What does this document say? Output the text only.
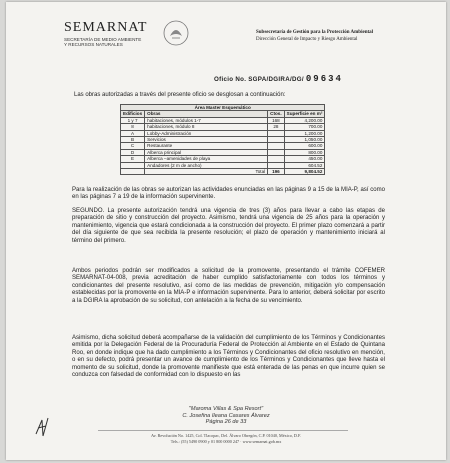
SEMARNAT
SECRETARÍA DE MEDIO AMBIENTE Y RECURSOS NATURALES
Subsecretaría de Gestión para la Protección Ambiental
Dirección General de Impacto y Riesgo Ambiental
Oficio No. SGPA/DGIRA/DG/ 09634
Las obras autorizadas a través del presente oficio se desglosan a continuación:
Área Master Esquemático			
Edificios	Obras	Ctos.	Superficie en m²
1 y 7	habitaciones, módulos 1-7	168	4,200.00
8	habitaciones, módulo 8	28	700.00
A	Lobby-Administración		1,200.00
B	Servicios		1,050.00
C	Restaurante		600.00
D	Alberca principal		800.00
E	Alberca –amenidades de playa		450.00
	Andadores (2 m de ancho)		604.52
	Total	196	9,804.52
Para la realización de las obras se autorizan las actividades enunciadas en las páginas 9 a 15 de la MIA-P, así como en las páginas 7 a 19 de la información supervinente.
SEGUNDO. La presente autorización tendrá una vigencia de tres (3) años para llevar a cabo las etapas de preparación de sitio y construcción del proyecto. Asimismo, tendrá una vigencia de 25 años para la operación y mantenimiento, vigencia que estará condicionada a la construcción del proyecto. El primer plazo comenzará a partir del día siguiente de que sea recibida la presente resolución; el plazo de operación y mantenimiento iniciará al término del primero.
Ambos periodos podrán ser modificados a solicitud de la promovente, presentando el trámite COFEMER SEMARNAT-04-008, previa acreditación de haber cumplido satisfactoriamente con todos los términos y condicionantes del presente resolutivo, así como de las medidas de prevención, mitigación y/o compensación establecidas por la promovente en la MIA-P e información supervinente. Para lo anterior, deberá solicitar por escrito a la DGIRA la aprobación de su solicitud, con antelación a la fecha de su vencimiento.
Asimismo, dicha solicitud deberá acompañarse de la validación del cumplimiento de los Términos y Condicionantes emitida por la Delegación Federal de la Procuraduría Federal de Protección al Ambiente en el Estado de Quintana Roo, en donde indique que ha dado cumplimiento a los Términos y Condicionantes del oficio resolutivo en mención, o en su defecto, podrá presentar un avance de cumplimiento de los Términos y Condicionantes que lleve hasta el momento de su solicitud, donde la promovente manifieste que está enterada de las penas en que incurre quien se conduzca con falsedad de conformidad con lo dispuesto en las
"Maroma Villas & Spa Resort"
C. Josefina Ileana Casares Álvarez
Página 26 de 33
Av. Revolución No. 1425, Col. Tlacopac, Del. Álvaro Obregón, C.P. 01040, México, D.F.
Tels.: (55) 5490 0900 y 01 800 0000 247 · www.semarnat.gob.mx
